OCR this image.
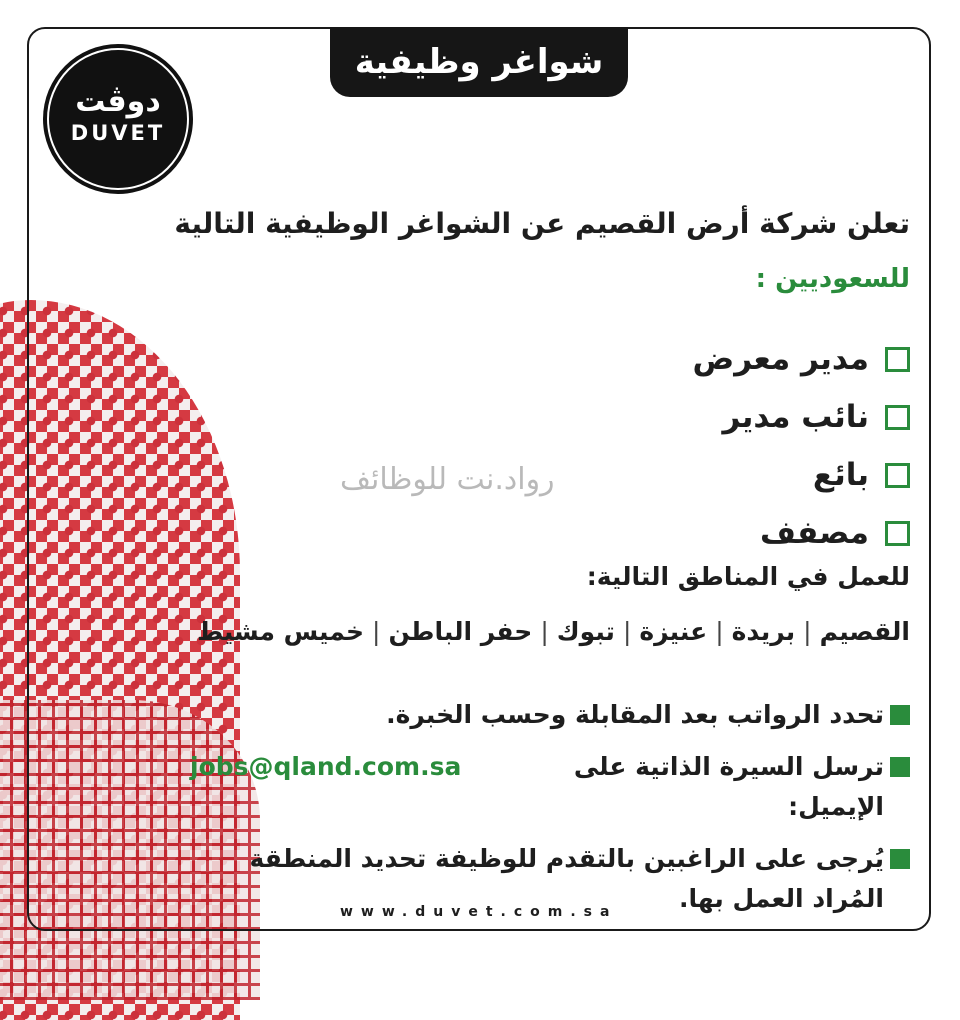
شواغر وظيفية
دوڤت
DUVET
تعلن شركة أرض القصيم عن الشواغر الوظيفية التالية
للسعوديين :
مدير معرض
نائب مدير
بائع
مصفف
رواد.نت للوظائف
للعمل في المناطق التالية:
القصيم
|
بريدة
|
عنيزة
|
تبوك
|
حفر الباطن
|
خميس مشيط
تحدد الرواتب بعد المقابلة وحسب الخبرة.
ترسل السيرة الذاتية على الإيميل:
jobs@qland.com.sa
يُرجى على الراغبين بالتقدم للوظيفة تحديد المنطقة
المُراد العمل بها.
www.duvet.com.sa
